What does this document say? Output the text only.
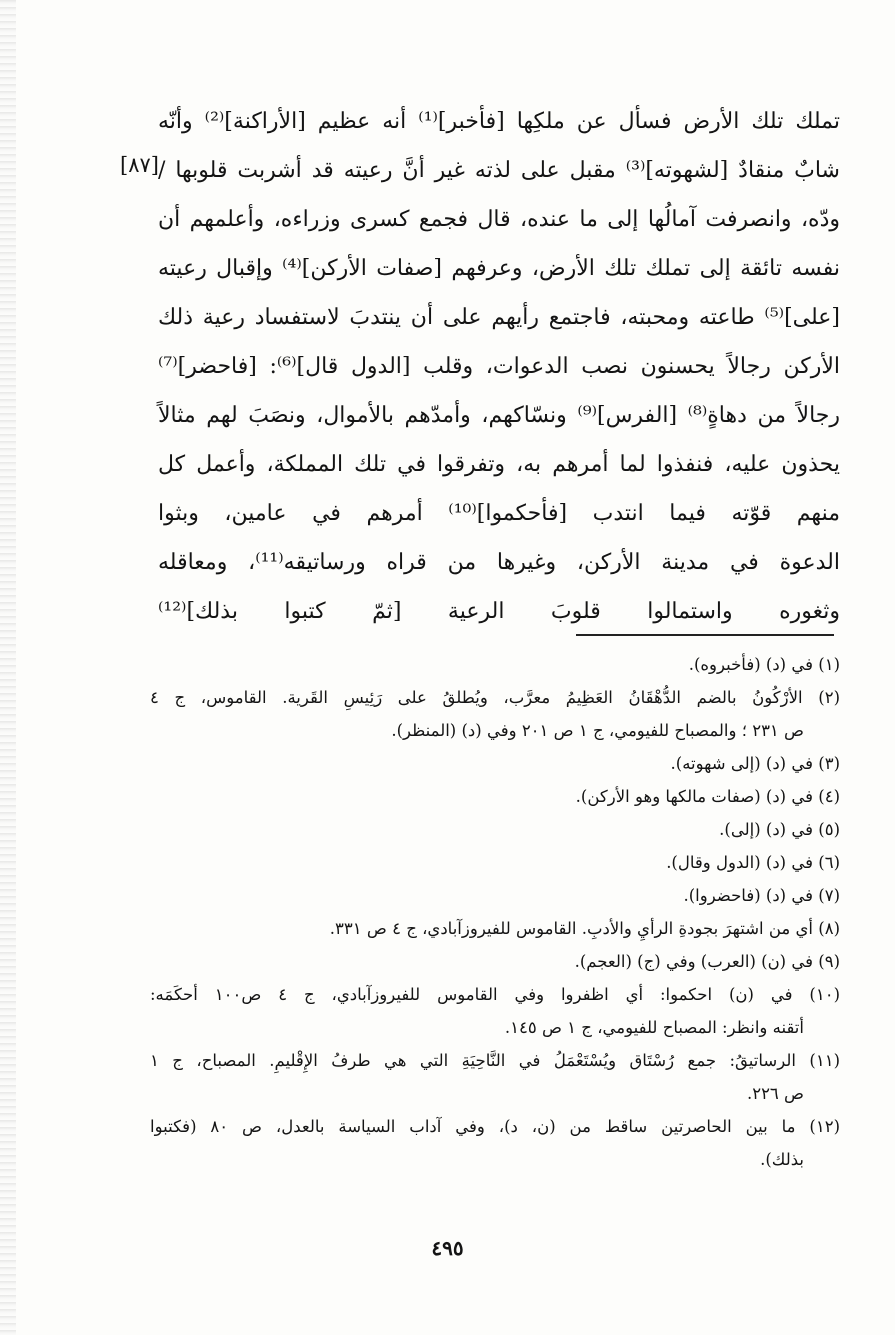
[٨٧]
تملك تلك الأرض فسأل عن ملكِها [فأخبر]⁽¹⁾ أنه عظيم [الأراكنة]⁽²⁾ وأنّه
شابٌ منقادٌ [لشهوته]⁽³⁾ مقبل على لذته غير أنَّ رعيته قد أشربت قلوبها /
ودّه، وانصرفت آمالُها إلى ما عنده، قال فجمع كسرى وزراءه، وأعلمهم أن
نفسه تائقة إلى تملك تلك الأرض، وعرفهم [صفات الأركن]⁽⁴⁾ وإقبال رعيته
[على]⁽⁵⁾ طاعته ومحبته، فاجتمع رأيهم على أن ينتدبَ لاستفساد رعية ذلك
الأركن رجالاً يحسنون نصب الدعوات، وقلب [الدول قال]⁽⁶⁾: [فاحضر]⁽⁷⁾
رجالاً من دهاةٍ⁽⁸⁾ [الفرس]⁽⁹⁾ ونسّاكهم، وأمدّهم بالأموال، ونصَبَ لهم مثالاً
يحذون عليه، فنفذوا لما أمرهم به، وتفرقوا في تلك المملكة، وأعمل كل
منهم قوّته فيما انتدب [فأحكموا]⁽¹⁰⁾ أمرهم في عامين، وبثوا
الدعوة في مدينة الأركن، وغيرها من قراه ورساتيقه⁽¹¹⁾، ومعاقله
وثغوره واستمالوا قلوبَ الرعية [ثمّ كتبوا بذلك]⁽¹²⁾
(١) في (د) (فأخبروه).
(٢) الأرْكُونُ بالضم الدُّهْقَانُ العَظِيمُ معرَّب، ويُطلقُ على رَئِيسِ القَرية. القاموس، ج ٤
ص ٢٣١ ؛ والمصباح للفيومي، ج ١ ص ٢٠١ وفي (د) (المنظر).
(٣) في (د) (إلى شهوته).
(٤) في (د) (صفات مالكها وهو الأركن).
(٥) في (د) (إلى).
(٦) في (د) (الدول وقال).
(٧) في (د) (فاحضروا).
(٨) أي من اشتهرَ بجودةِ الرأيِ والأدبِ. القاموس للفيروزآبادي، ج ٤ ص ٣٣١.
(٩) في (ن) (العرب) وفي (ج) (العجم).
(١٠) في (ن) احكموا: أي اظفروا وفي القاموس للفيروزآبادي، ج ٤ ص١٠٠ أحكَمَه:
أتقنه وانظر: المصباح للفيومي، ج ١ ص ١٤٥.
(١١) الرساتيقُ: جمع رُسْتَاق ويُسْتَعْمَلُ في النَّاحِيَةِ التي هي طرفُ الإِقْليمِ. المصباح، ج ١
ص ٢٢٦.
(١٢) ما بين الحاصرتين ساقط من (ن، د)، وفي آداب السياسة بالعدل، ص ٨٠ (فكتبوا
بذلك).
٤٩٥
